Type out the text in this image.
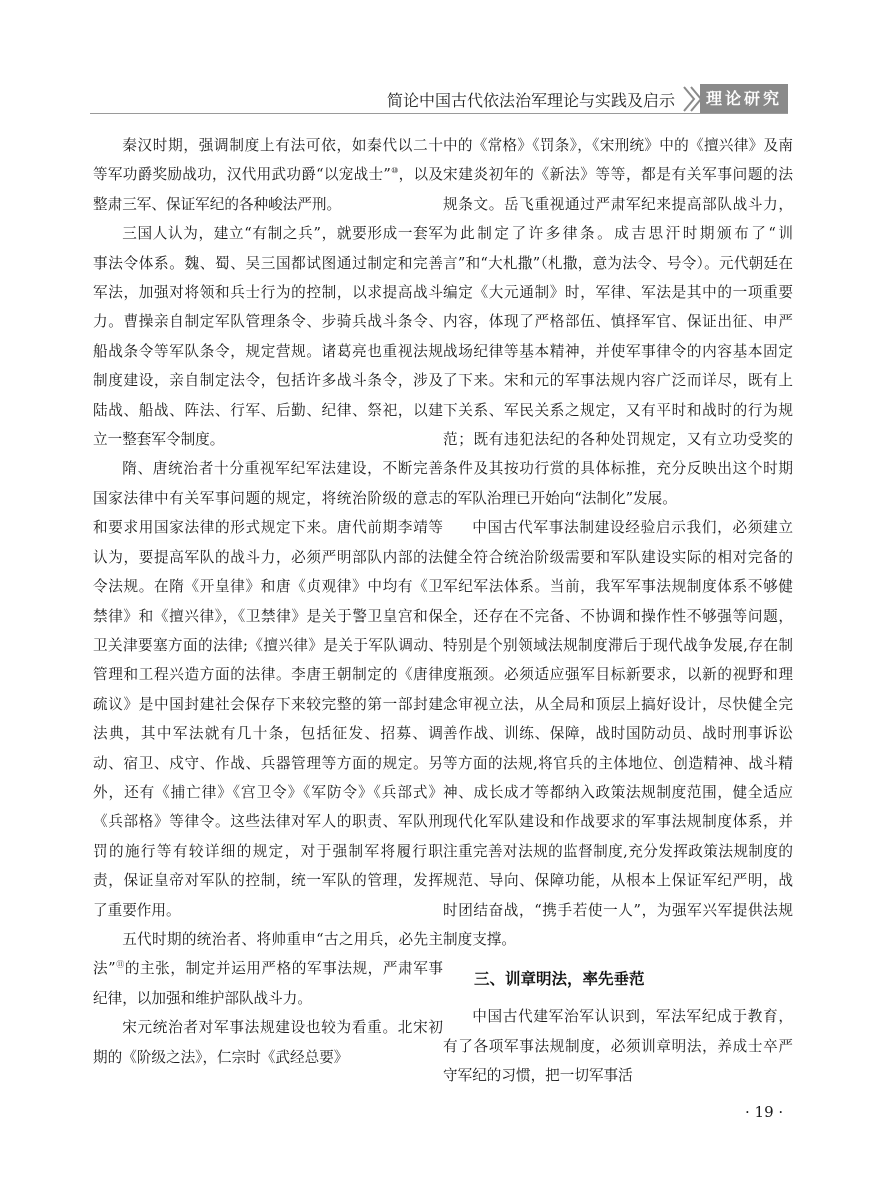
简论中国古代依法治军理论与实践及启示	理论研究

秦汉时期，强调制度上有法可依，如秦代以二十等军功爵奖励战功，汉代用武功爵“以宠战士”⑩，以及整肃三军、保证军纪的各种峻法严刑。

三国人认为，建立“有制之兵”，就要形成一套军事法令体系。魏、蜀、吴三国都试图通过制定和完善军法，加强对将领和兵士行为的控制，以求提高战斗力。曹操亲自制定军队管理条令、步骑兵战斗条令、船战条令等军队条令，规定营规。诸葛亮也重视法规制度建设，亲自制定法令，包括许多战斗条令，涉及陆战、船战、阵法、行军、后勤、纪律、祭祀，以建立一整套军令制度。

隋、唐统治者十分重视军纪军法建设，不断完善国家法律中有关军事问题的规定，将统治阶级的意志和要求用国家法律的形式规定下来。唐代前期李靖等认为，要提高军队的战斗力，必须严明部队内部的法令法规。在隋《开皇律》和唐《贞观律》中均有《卫禁律》和《擅兴律》，《卫禁律》是关于警卫皇宫和保卫关津要塞方面的法律;《擅兴律》是关于军队调动、管理和工程兴造方面的法律。李唐王朝制定的《唐律疏议》是中国封建社会保存下来较完整的第一部封建法典，其中军法就有几十条，包括征发、招募、调动、宿卫、戍守、作战、兵器管理等方面的规定。另外，还有《捕亡律》《宫卫令》《军防令》《兵部式》《兵部格》等律令。这些法律对军人的职责、军队刑罚的施行等有较详细的规定，对于强制军将履行职责，保证皇帝对军队的控制，统一军队的管理，发挥了重要作用。

五代时期的统治者、将帅重申“古之用兵，必先主法”⑪的主张，制定并运用严格的军事法规，严肃军事纪律，以加强和维护部队战斗力。

宋元统治者对军事法规建设也较为看重。北宋初期的《阶级之法》，仁宗时《武经总要》

中的《常格》《罚条》，《宋刑统》中的《擅兴律》及南宋建炎初年的《新法》等等，都是有关军事问题的法规条文。岳飞重视通过严肃军纪来提高部队战斗力，为此制定了许多律条。成吉思汗时期颁布了“训言”和“大札撒”（札撒，意为法令、号令）。元代朝廷在编定《大元通制》时，军律、军法是其中的一项重要内容，体现了严格部伍、慎择军官、保证出征、申严战场纪律等基本精神，并使军事律令的内容基本固定了下来。宋和元的军事法规内容广泛而详尽，既有上下关系、军民关系之规定，又有平时和战时的行为规范；既有违犯法纪的各种处罚规定，又有立功受奖的条件及其按功行赏的具体标推，充分反映出这个时期的军队治理已开始向“法制化”发展。

中国古代军事法制建设经验启示我们，必须建立健全符合统治阶级需要和军队建设实际的相对完备的军纪军法体系。当前，我军军事法规制度体系不够健全，还存在不完备、不协调和操作性不够强等问题，特别是个别领域法规制度滞后于现代战争发展,存在制度瓶颈。必须适应强军目标新要求，以新的视野和理念审视立法，从全局和顶层上搞好设计，尽快健全完善作战、训练、保障，战时国防动员、战时刑事诉讼等方面的法规,将官兵的主体地位、创造精神、战斗精神、成长成才等都纳入政策法规制度范围，健全适应现代化军队建设和作战要求的军事法规制度体系，并注重完善对法规的监督制度,充分发挥政策法规制度的规范、导向、保障功能，从根本上保证军纪严明，战时团结奋战，“携手若使一人”，为强军兴军提供法规制度支撑。

三、训章明法，率先垂范

中国古代建军治军认识到，军法军纪成于教育，有了各项军事法规制度，必须训章明法，养成士卒严守军纪的习惯，把一切军事活

· 19 ·
